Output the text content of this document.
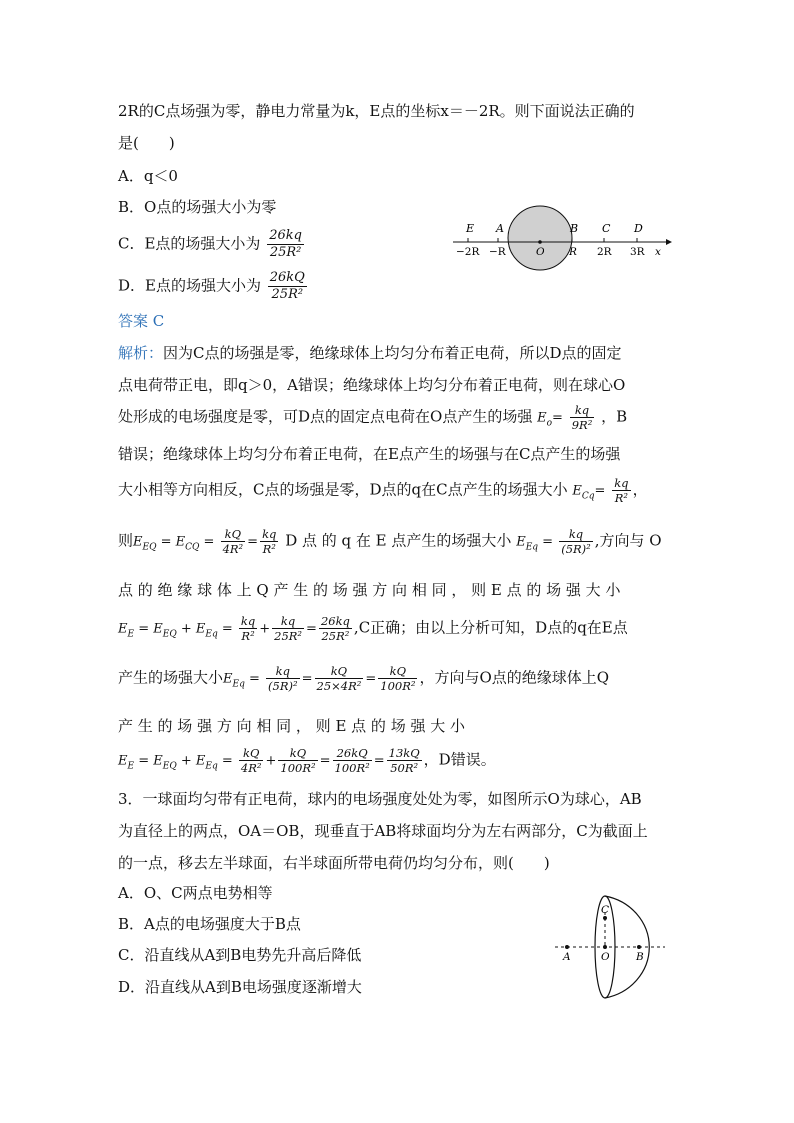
2R的C点场强为零，静电力常量为k，E点的坐标x＝－2R。则下面说法正确的
是(　　)
A．q＜0
B．O点的场强大小为零
C．E点的场强大小为 $\frac{26kq}{\text{25R²}}$
D．E点的场强大小为 $\frac{26kQ}{\text{25R²}}$
E A	B C D
−2R −R	O R 2R 3R x
答案 C
解析：因为C点的场强是零，绝缘球体上均匀分布着正电荷，所以D点的固定
点电荷带正电，即q＞0，A错误；绝缘球体上均匀分布着正电荷，则在球心O
处形成的电场强度是零，可D点的固定点电荷在O点产生的场强 $E_o= \frac{kq}{\text{9R²}}$ ，B
错误；绝缘球体上均匀分布着正电荷，在E点产生的场强与在C点产生的场强
大小相等方向相反，C点的场强是零，D点的q在C点产生的场强大小 $E_{Cq}= \frac{kq}{\text{R²}}$ ，
则$E_{EQ} = E_{CQ} = \frac{kQ}{\text{4R²}} = \frac{kq}{\text{R²}}$ D 点 的 q 在 E 点产生的场强大小 $E_{Eq} = \frac{kq}{\text{(5R)²}}$ ,方向与 O
点 的 绝 缘 球 体 上 Q 产 生 的 场 强 方 向 相 同 ， 则 E 点 的 场 强 大 小
$E_E = E_{EQ} + E_{Eq} = \frac{kq}{\text{R²}} + \frac{kq}{\text{25R²}} = \frac{26kq}{\text{25R²}} ,C$正确；由以上分析可知，D点的q在E点
产生的场强大小$E_{Eq} = \frac{kq}{\text{(5R)²}} = \frac{kQ}{\text{25×4R²}} = \frac{kQ}{\text{100R²}}$ ，方向与O点的绝缘球体上Q
产 生 的 场 强 方 向 相 同 ， 则 E 点 的 场 强 大 小
$E_E = E_{EQ} + E_{Eq} = \frac{kQ}{\text{4R²}} + \frac{kQ}{\text{100R²}} = \frac{26kQ}{\text{100R²}} = \frac{13kQ}{\text{50R²}}$ ，D错误。
3．一球面均匀带有正电荷，球内的电场强度处处为零，如图所示O为球心，AB
为直径上的两点，OA＝OB，现垂直于AB将球面均分为左右两部分，C为截面上
的一点，移去左半球面，右半球面所带电荷仍均匀分布，则(　　)
A．O、C两点电势相等
B．A点的电场强度大于B点
C．沿直线从A到B电势先升高后降低
D．沿直线从A到B电场强度逐渐增大
C
A	O	B
